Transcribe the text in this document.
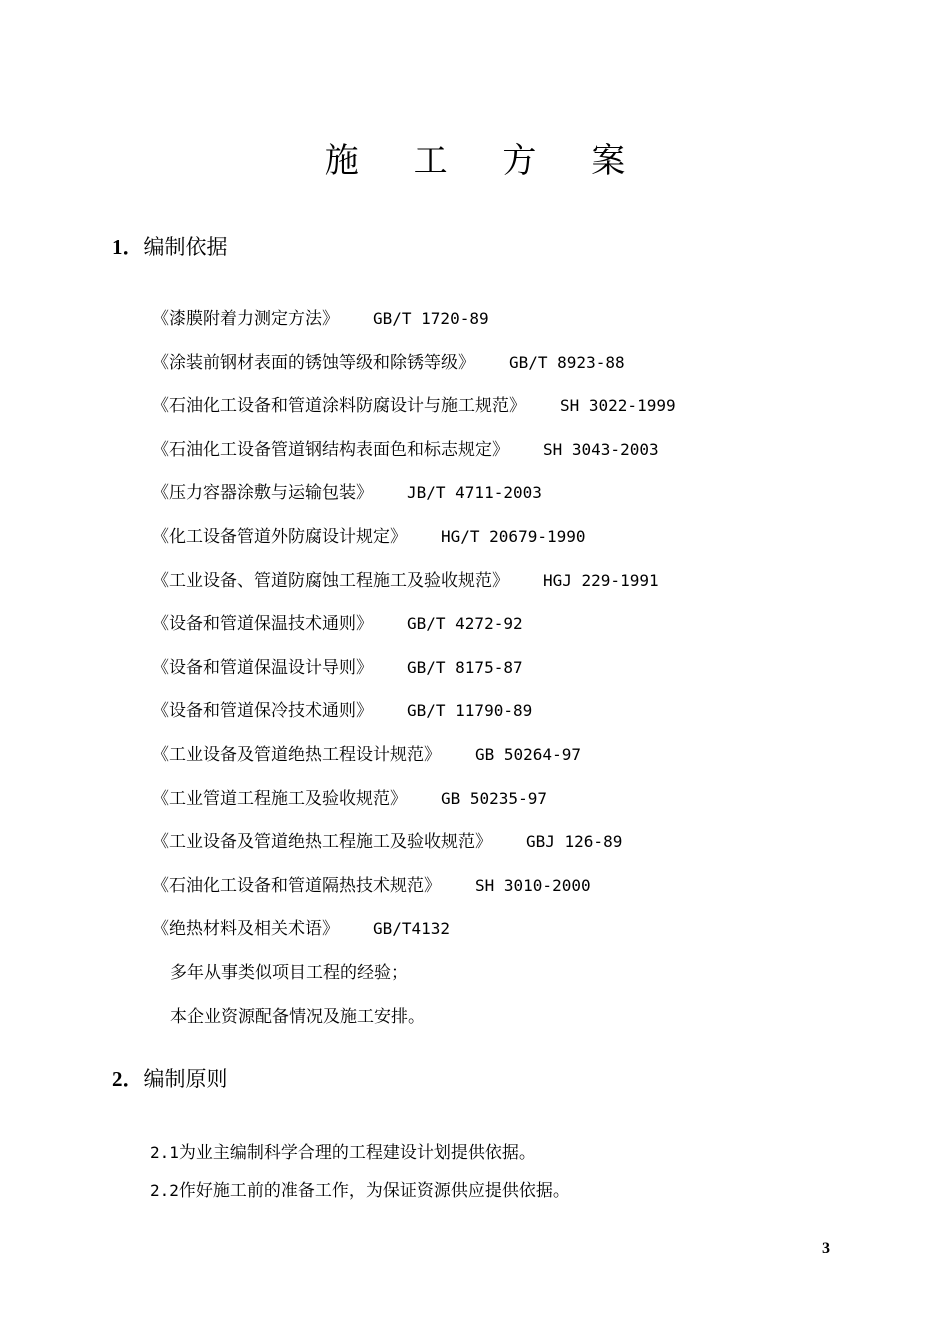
施 工 方 案
1．编制依据
《漆膜附着力测定方法》 GB/T 1720-89
《涂装前钢材表面的锈蚀等级和除锈等级》 GB/T 8923-88
《石油化工设备和管道涂料防腐设计与施工规范》 SH 3022-1999
《石油化工设备管道钢结构表面色和标志规定》 SH 3043-2003
《压力容器涂敷与运输包装》 JB/T 4711-2003
《化工设备管道外防腐设计规定》 HG/T 20679-1990
《工业设备、管道防腐蚀工程施工及验收规范》 HGJ 229-1991
《设备和管道保温技术通则》 GB/T 4272-92
《设备和管道保温设计导则》 GB/T 8175-87
《设备和管道保冷技术通则》 GB/T 11790-89
《工业设备及管道绝热工程设计规范》 GB 50264-97
《工业管道工程施工及验收规范》 GB 50235-97
《工业设备及管道绝热工程施工及验收规范》 GBJ 126-89
《石油化工设备和管道隔热技术规范》 SH 3010-2000
《绝热材料及相关术语》 GB/T4132
多年从事类似项目工程的经验；
本企业资源配备情况及施工安排。
2．编制原则
2.1为业主编制科学合理的工程建设计划提供依据。
2.2作好施工前的准备工作，为保证资源供应提供依据。
3
